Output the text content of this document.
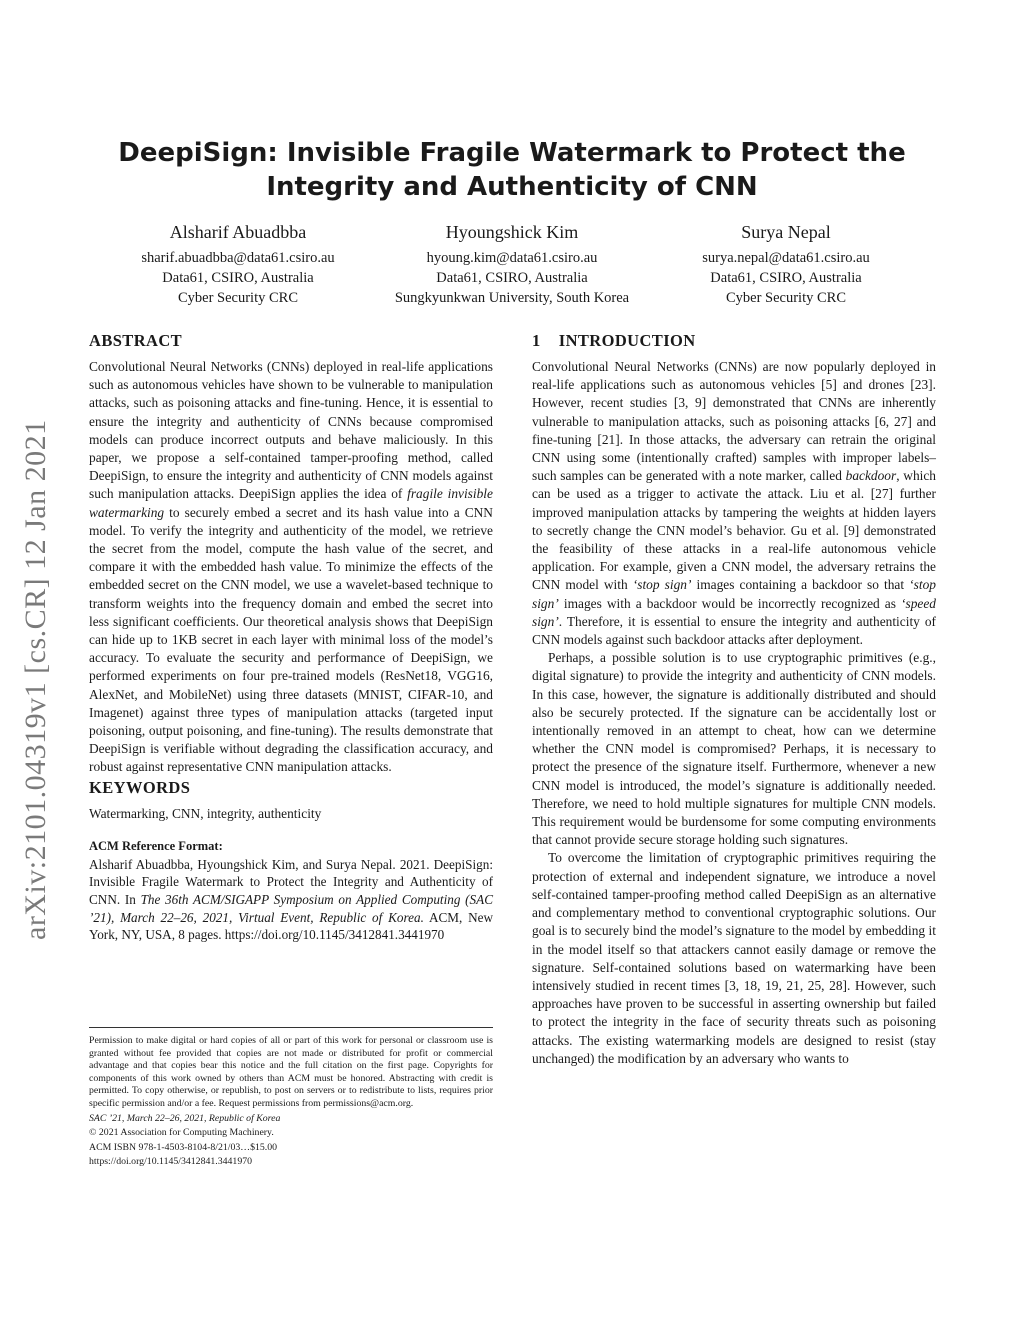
DeepiSign: Invisible Fragile Watermark to Protect the Integrity and Authenticity of CNN
Alsharif Abuadbba
sharif.abuadbba@data61.csiro.au
Data61, CSIRO, Australia
Cyber Security CRC
Hyoungshick Kim
hyoung.kim@data61.csiro.au
Data61, CSIRO, Australia
Sungkyunkwan University, South Korea
Surya Nepal
surya.nepal@data61.csiro.au
Data61, CSIRO, Australia
Cyber Security CRC
arXiv:2101.04319v1 [cs.CR] 12 Jan 2021
ABSTRACT

Convolutional Neural Networks (CNNs) deployed in real-life applications such as autonomous vehicles have shown to be vulnerable to manipulation attacks, such as poisoning attacks and fine-tuning. Hence, it is essential to ensure the integrity and authenticity of CNNs because compromised models can produce incorrect outputs and behave maliciously. In this paper, we propose a self-contained tamper-proofing method, called DeepiSign, to ensure the integrity and authenticity of CNN models against such manipulation attacks. DeepiSign applies the idea of fragile invisible watermarking to securely embed a secret and its hash value into a CNN model. To verify the integrity and authenticity of the model, we retrieve the secret from the model, compute the hash value of the secret, and compare it with the embedded hash value. To minimize the effects of the embedded secret on the CNN model, we use a wavelet-based technique to transform weights into the frequency domain and embed the secret into less significant coefficients. Our theoretical analysis shows that DeepiSign can hide up to 1KB secret in each layer with minimal loss of the model’s accuracy. To evaluate the security and performance of DeepiSign, we performed experiments on four pre-trained models (ResNet18, VGG16, AlexNet, and MobileNet) using three datasets (MNIST, CIFAR-10, and Imagenet) against three types of manipulation attacks (targeted input poisoning, output poisoning, and fine-tuning). The results demonstrate that DeepiSign is verifiable without degrading the classification accuracy, and robust against representative CNN manipulation attacks.

KEYWORDS

Watermarking, CNN, integrity, authenticity

ACM Reference Format:

Alsharif Abuadbba, Hyoungshick Kim, and Surya Nepal. 2021. DeepiSign: Invisible Fragile Watermark to Protect the Integrity and Authenticity of CNN. In The 36th ACM/SIGAPP Symposium on Applied Computing (SAC ’21), March 22–26, 2021, Virtual Event, Republic of Korea. ACM, New York, NY, USA, 8 pages. https://doi.org/10.1145/3412841.3441970

Permission to make digital or hard copies of all or part of this work for personal or classroom use is granted without fee provided that copies are not made or distributed for profit or commercial advantage and that copies bear this notice and the full citation on the first page. Copyrights for components of this work owned by others than ACM must be honored. Abstracting with credit is permitted. To copy otherwise, or republish, to post on servers or to redistribute to lists, requires prior specific permission and/or a fee. Request permissions from permissions@acm.org.
SAC ’21, March 22–26, 2021, Republic of Korea
© 2021 Association for Computing Machinery.
ACM ISBN 978-1-4503-8104-8/21/03…$15.00
https://doi.org/10.1145/3412841.3441970
1    INTRODUCTION

Convolutional Neural Networks (CNNs) are now popularly deployed in real-life applications such as autonomous vehicles [5] and drones [23]. However, recent studies [3, 9] demonstrated that CNNs are inherently vulnerable to manipulation attacks, such as poisoning attacks [6, 27] and fine-tuning [21]. In those attacks, the adversary can retrain the original CNN using some (intentionally crafted) samples with improper labels–such samples can be generated with a note marker, called backdoor, which can be used as a trigger to activate the attack. Liu et al. [27] further improved manipulation attacks by tampering the weights at hidden layers to secretly change the CNN model’s behavior. Gu et al. [9] demonstrated the feasibility of these attacks in a real-life autonomous vehicle application. For example, given a CNN model, the adversary retrains the CNN model with ‘stop sign’ images containing a backdoor so that ‘stop sign’ images with a backdoor would be incorrectly recognized as ‘speed sign’. Therefore, it is essential to ensure the integrity and authenticity of CNN models against such backdoor attacks after deployment.

Perhaps, a possible solution is to use cryptographic primitives (e.g., digital signature) to provide the integrity and authenticity of CNN models. In this case, however, the signature is additionally distributed and should also be securely protected. If the signature can be accidentally lost or intentionally removed in an attempt to cheat, how can we determine whether the CNN model is compromised? Perhaps, it is necessary to protect the presence of the signature itself. Furthermore, whenever a new CNN model is introduced, the model’s signature is additionally needed. Therefore, we need to hold multiple signatures for multiple CNN models. This requirement would be burdensome for some computing environments that cannot provide secure storage holding such signatures.

To overcome the limitation of cryptographic primitives requiring the protection of external and independent signature, we introduce a novel self-contained tamper-proofing method called DeepiSign as an alternative and complementary method to conventional cryptographic solutions. Our goal is to securely bind the model’s signature to the model by embedding it in the model itself so that attackers cannot easily damage or remove the signature. Self-contained solutions based on watermarking have been intensively studied in recent times [3, 18, 19, 21, 25, 28]. However, such approaches have proven to be successful in asserting ownership but failed to protect the integrity in the face of security threats such as poisoning attacks. The existing watermarking models are designed to resist (stay unchanged) the modification by an adversary who wants to
